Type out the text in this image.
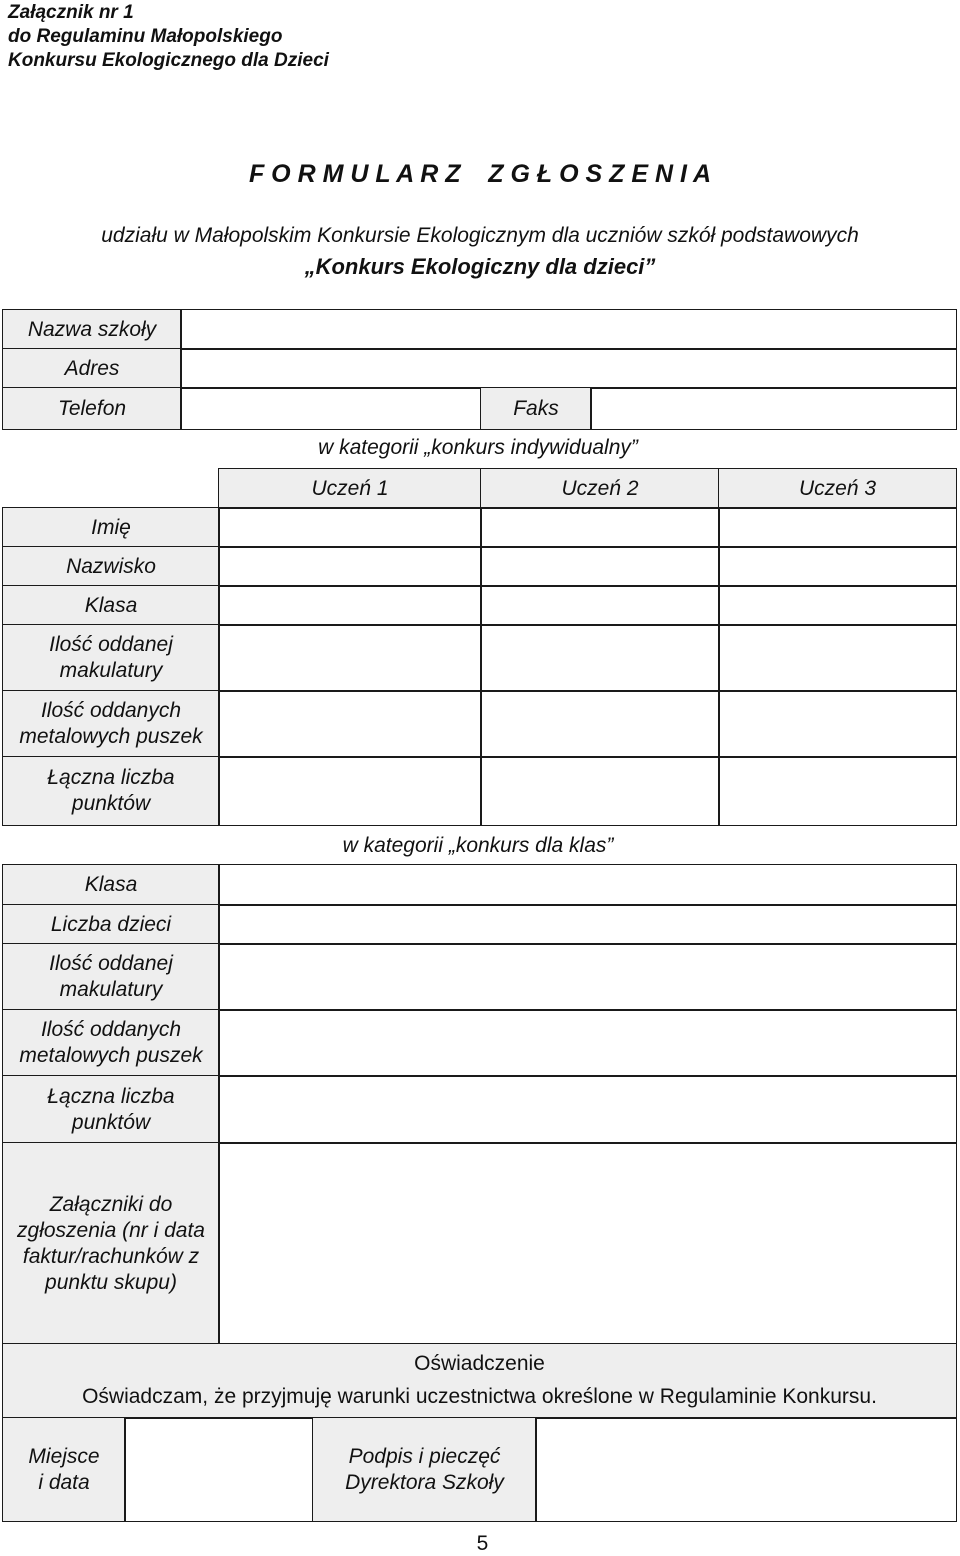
Załącznik nr 1
do Regulaminu Małopolskiego
Konkursu Ekologicznego dla Dzieci
F O R M U L A R Z    Z G Ł O S Z E N I A
udziału w Małopolskim Konkursie Ekologicznym dla uczniów szkół podstawowych
„Konkurs Ekologiczny dla dzieci”
Nazwa szkoły
Adres
Telefon	Faks
w kategorii „konkurs indywidualny”
Uczeń 1	Uczeń 2	Uczeń 3
Imię
Nazwisko
Klasa
Ilość oddanej
makulatury
Ilość oddanych
metalowych puszek
Łączna liczba
punktów
w kategorii „konkurs dla klas”
Klasa
Liczba dzieci
Ilość oddanej
makulatury
Ilość oddanych
metalowych puszek
Łączna liczba
punktów
Załączniki do
zgłoszenia (nr i data
faktur/rachunków z
punktu skupu)
Oświadczenie
Oświadczam, że przyjmuję warunki uczestnictwa określone w Regulaminie Konkursu.
Miejsce
i data
Podpis i pieczęć
Dyrektora Szkoły
5
